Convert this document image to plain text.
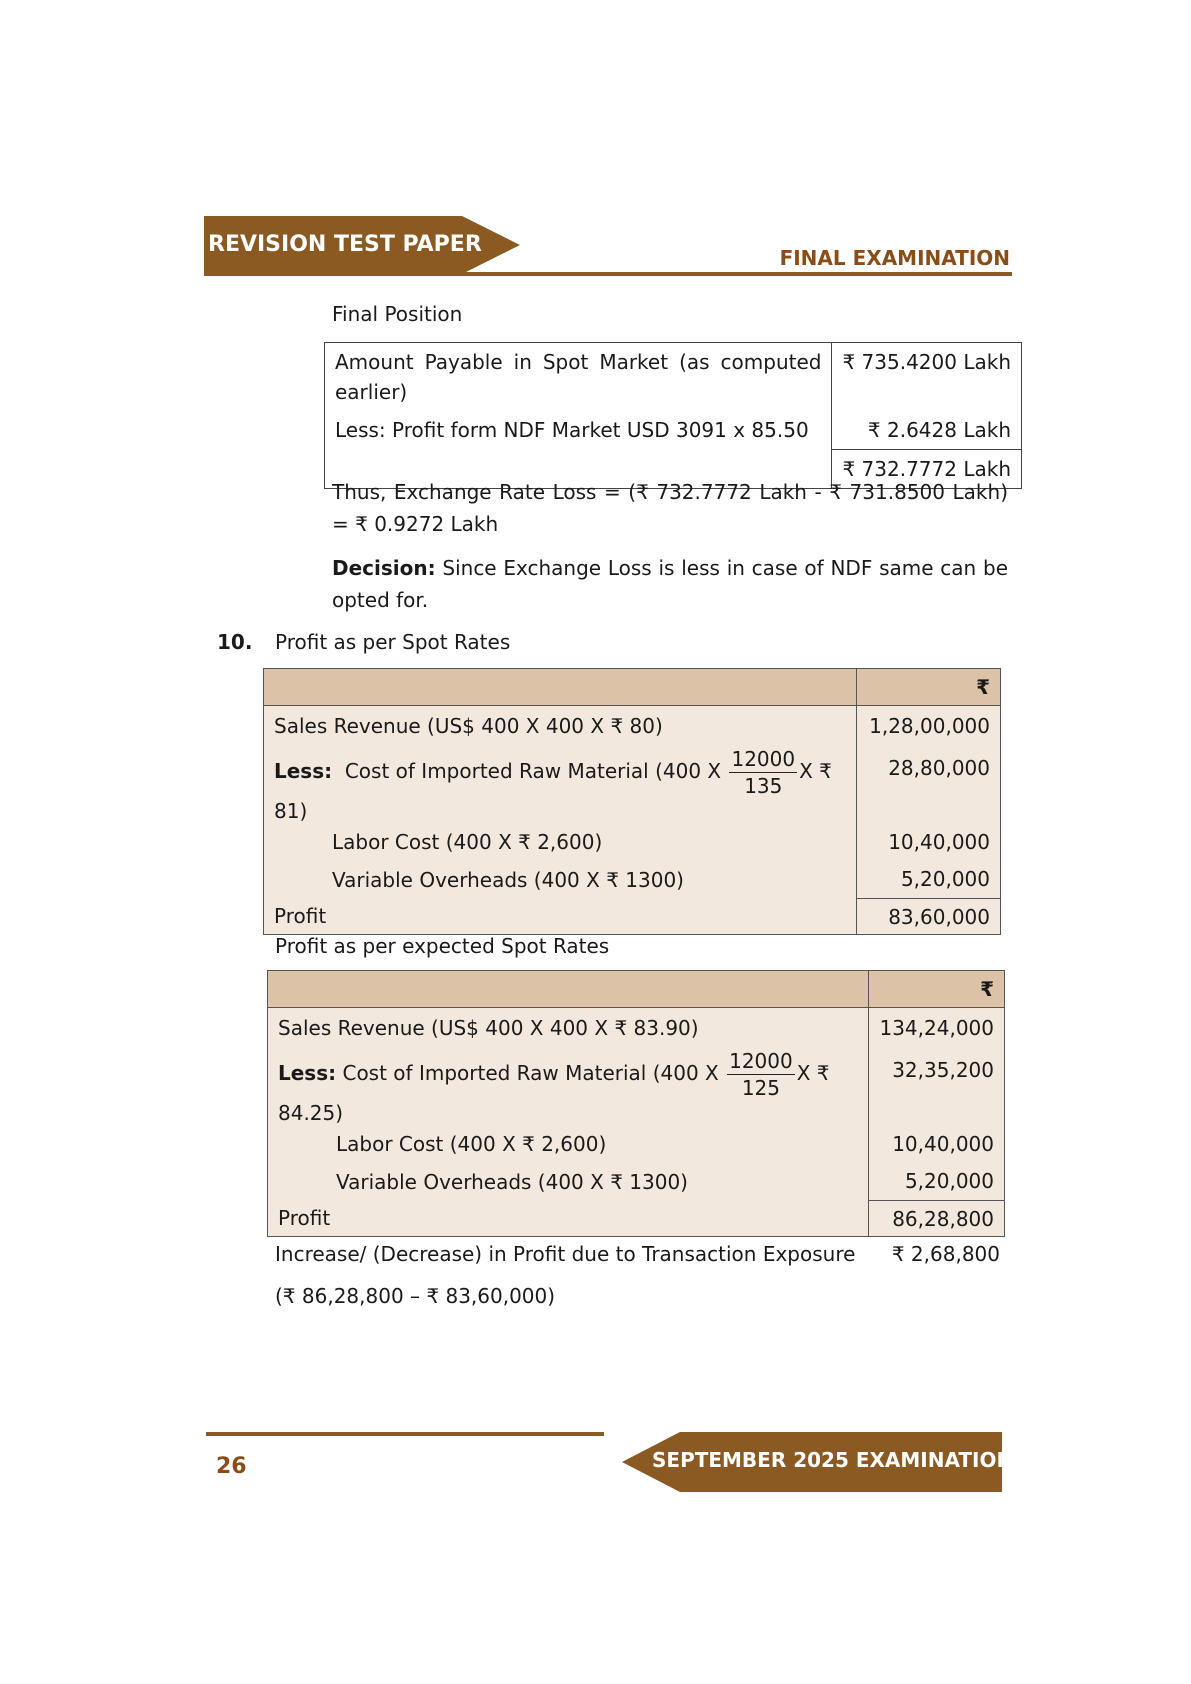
REVISION TEST PAPER
FINAL EXAMINATION
Final Position
Amount Payable in Spot Market (as computed earlier)	₹ 735.4200 Lakh
Less: Profit form NDF Market USD 3091 x 85.50	₹ 2.6428 Lakh
	₹ 732.7772 Lakh
Thus, Exchange Rate Loss = (₹ 732.7772 Lakh - ₹ 731.8500 Lakh) = ₹ 0.9272 Lakh
Decision: Since Exchange Loss is less in case of NDF same can be opted for.
10. Profit as per Spot Rates
	₹
Sales Revenue (US$ 400 X 400 X ₹ 80)	1,28,00,000
Less: Cost of Imported Raw Material (400 X $\frac{12000}{135}$ X ₹ 81)	28,80,000
Labor Cost (400 X ₹ 2,600)	10,40,000
Variable Overheads (400 X ₹ 1300)	5,20,000
Profit	83,60,000
Profit as per expected Spot Rates
	₹
Sales Revenue (US$ 400 X 400 X ₹ 83.90)	134,24,000
Less: Cost of Imported Raw Material (400 X $\frac{12000}{125}$ X ₹ 84.25)	32,35,200
Labor Cost (400 X ₹ 2,600)	10,40,000
Variable Overheads (400 X ₹ 1300)	5,20,000
Profit	86,28,800
Increase/ (Decrease) in Profit due to Transaction Exposure	₹ 2,68,800
(₹ 86,28,800 – ₹ 83,60,000)
26	SEPTEMBER 2025 EXAMINATION
